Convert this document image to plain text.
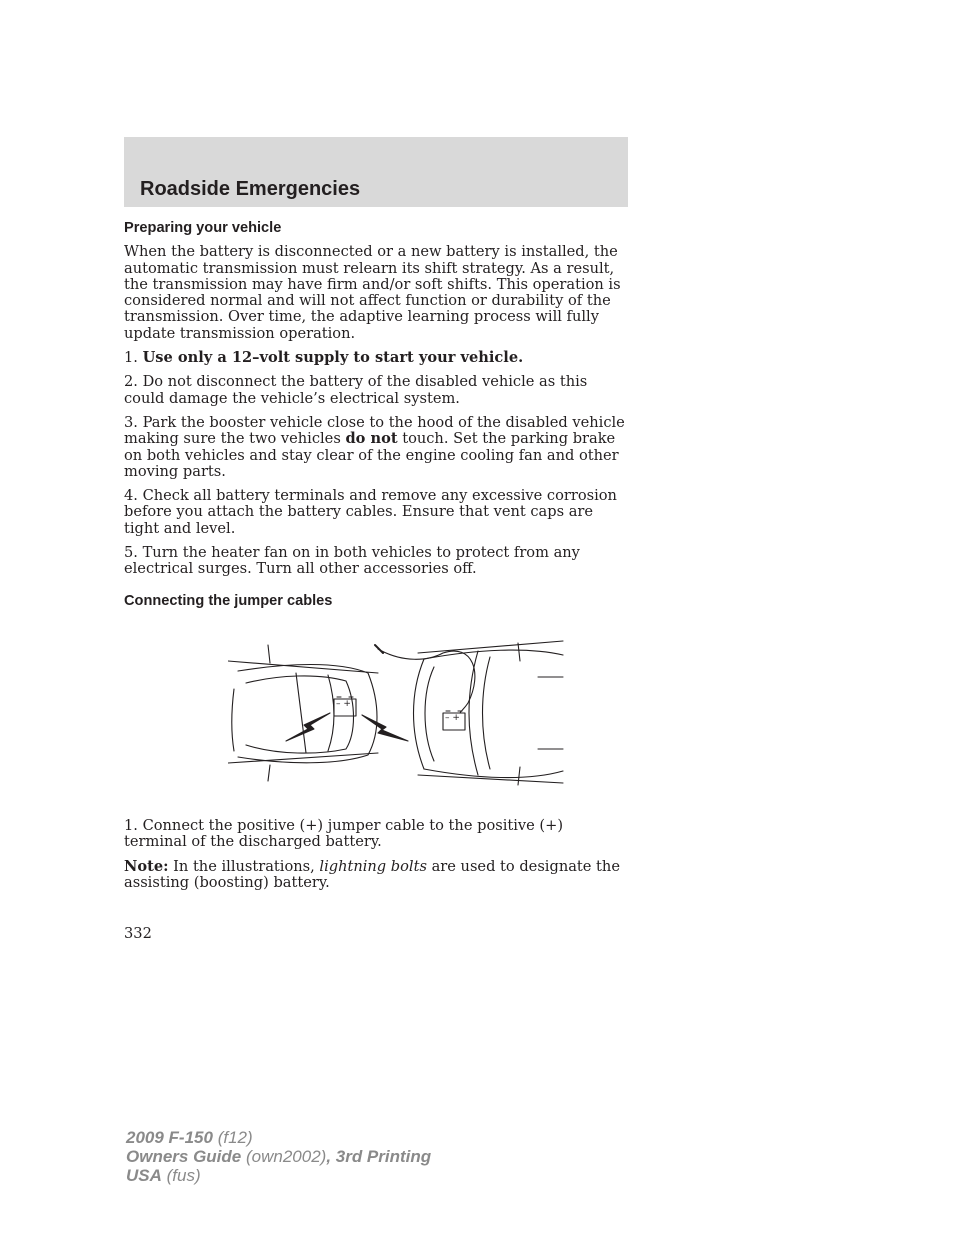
Roadside Emergencies
Preparing your vehicle

When the battery is disconnected or a new battery is installed, the automatic transmission must relearn its shift strategy. As a result, the transmission may have firm and/or soft shifts. This operation is considered normal and will not affect function or durability of the transmission. Over time, the adaptive learning process will fully update transmission operation.

1. Use only a 12–volt supply to start your vehicle.

2. Do not disconnect the battery of the disabled vehicle as this could damage the vehicle’s electrical system.

3. Park the booster vehicle close to the hood of the disabled vehicle making sure the two vehicles do not touch. Set the parking brake on both vehicles and stay clear of the engine cooling fan and other moving parts.

4. Check all battery terminals and remove any excessive corrosion before you attach the battery cables. Ensure that vent caps are tight and level.

5. Turn the heater fan on in both vehicles to protect from any electrical surges. Turn all other accessories off.

Connecting the jumper cables
– +
– +

1. Connect the positive (+) jumper cable to the positive (+) terminal of the discharged battery.

Note: In the illustrations, lightning bolts are used to designate the assisting (boosting) battery.

332
2009 F-150 (f12)
Owners Guide (own2002), 3rd Printing
USA (fus)
